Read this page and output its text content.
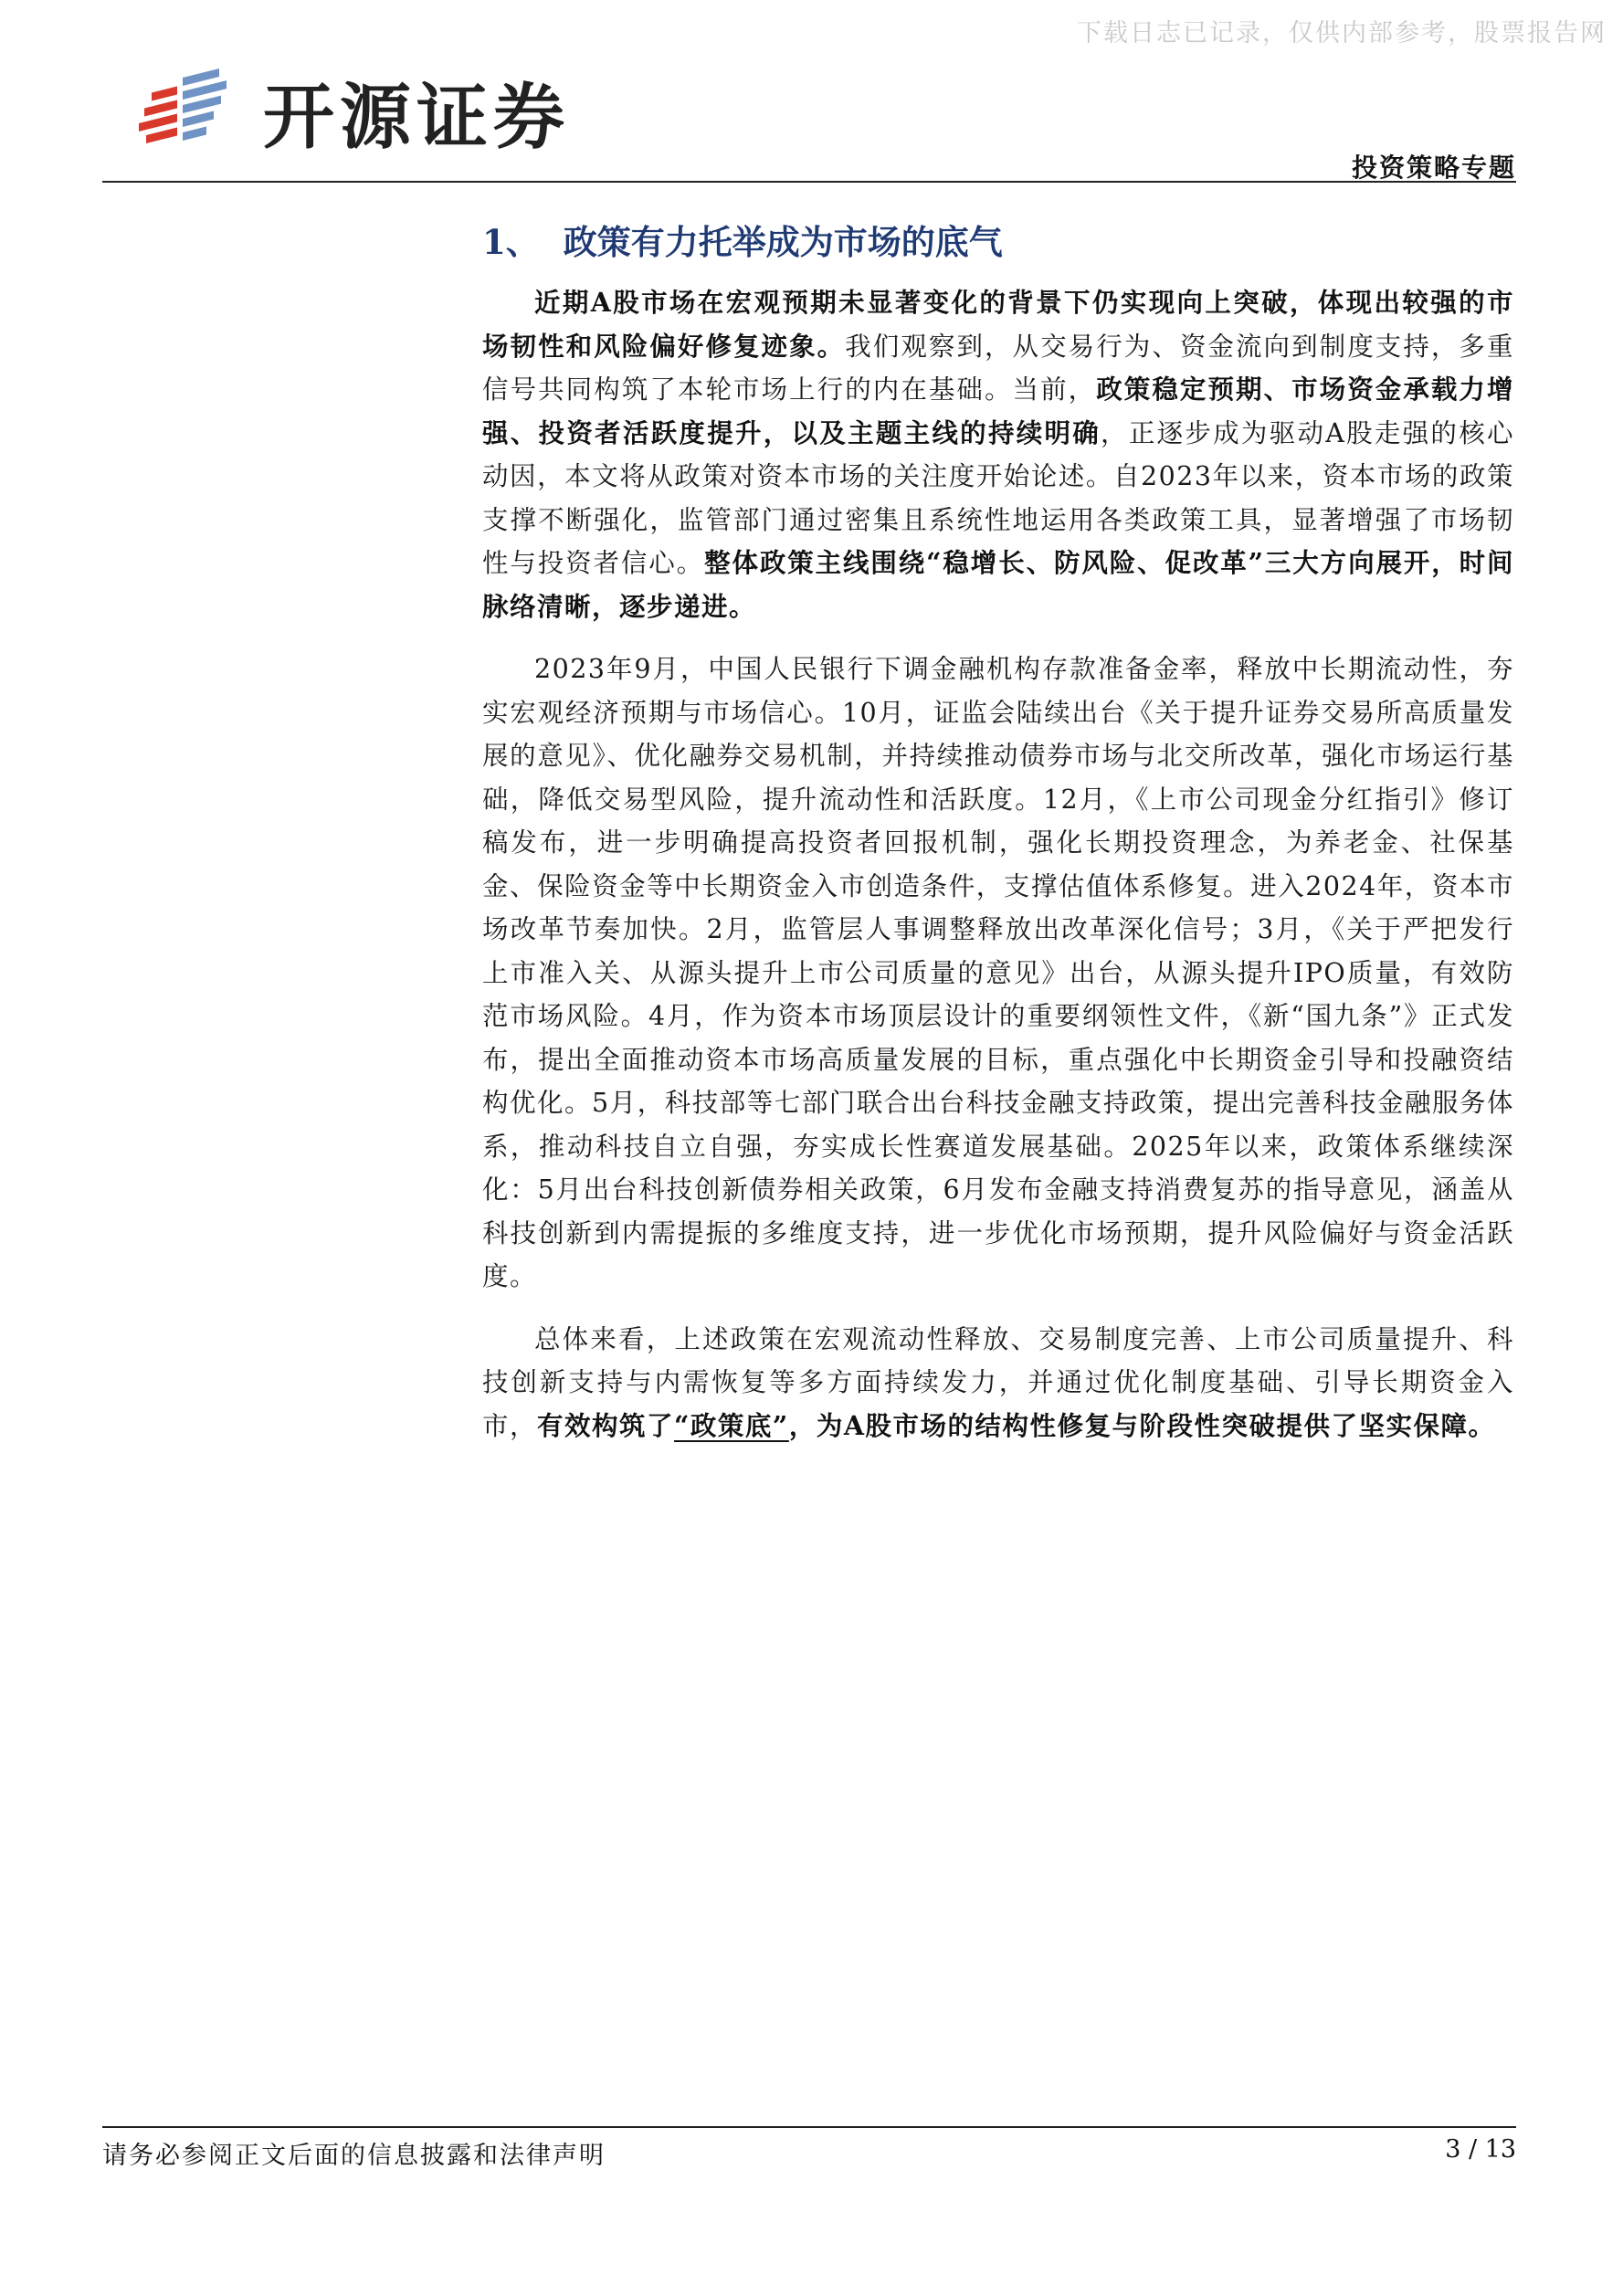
下载日志已记录，仅供内部参考，股票报告网
开源证券
投资策略专题
1、 政策有力托举成为市场的底气

近期A股市场在宏观预期未显著变化的背景下仍实现向上突破，体现出较强的市场韧性和风险偏好修复迹象。我们观察到，从交易行为、资金流向到制度支持，多重信号共同构筑了本轮市场上行的内在基础。当前，政策稳定预期、市场资金承载力增强、投资者活跃度提升，以及主题主线的持续明确，正逐步成为驱动A股走强的核心动因，本文将从政策对资本市场的关注度开始论述。自2023年以来，资本市场的政策支撑不断强化，监管部门通过密集且系统性地运用各类政策工具，显著增强了市场韧性与投资者信心。整体政策主线围绕“稳增长、防风险、促改革”三大方向展开，时间脉络清晰，逐步递进。

2023年9月，中国人民银行下调金融机构存款准备金率，释放中长期流动性，夯实宏观经济预期与市场信心。10月，证监会陆续出台《关于提升证券交易所高质量发展的意见》、优化融券交易机制，并持续推动债券市场与北交所改革，强化市场运行基础，降低交易型风险，提升流动性和活跃度。12月，《上市公司现金分红指引》修订稿发布，进一步明确提高投资者回报机制，强化长期投资理念，为养老金、社保基金、保险资金等中长期资金入市创造条件，支撑估值体系修复。进入2024年，资本市场改革节奏加快。2月，监管层人事调整释放出改革深化信号；3月，《关于严把发行上市准入关、从源头提升上市公司质量的意见》出台，从源头提升IPO质量，有效防范市场风险。4月，作为资本市场顶层设计的重要纲领性文件，《新“国九条”》正式发布，提出全面推动资本市场高质量发展的目标，重点强化中长期资金引导和投融资结构优化。5月，科技部等七部门联合出台科技金融支持政策，提出完善科技金融服务体系，推动科技自立自强，夯实成长性赛道发展基础。2025年以来，政策体系继续深化：5月出台科技创新债券相关政策，6月发布金融支持消费复苏的指导意见，涵盖从科技创新到内需提振的多维度支持，进一步优化市场预期，提升风险偏好与资金活跃度。

总体来看，上述政策在宏观流动性释放、交易制度完善、上市公司质量提升、科技创新支持与内需恢复等多方面持续发力，并通过优化制度基础、引导长期资金入市，有效构筑了“政策底”，为A股市场的结构性修复与阶段性突破提供了坚实保障。

请务必参阅正文后面的信息披露和法律声明	3 / 13
